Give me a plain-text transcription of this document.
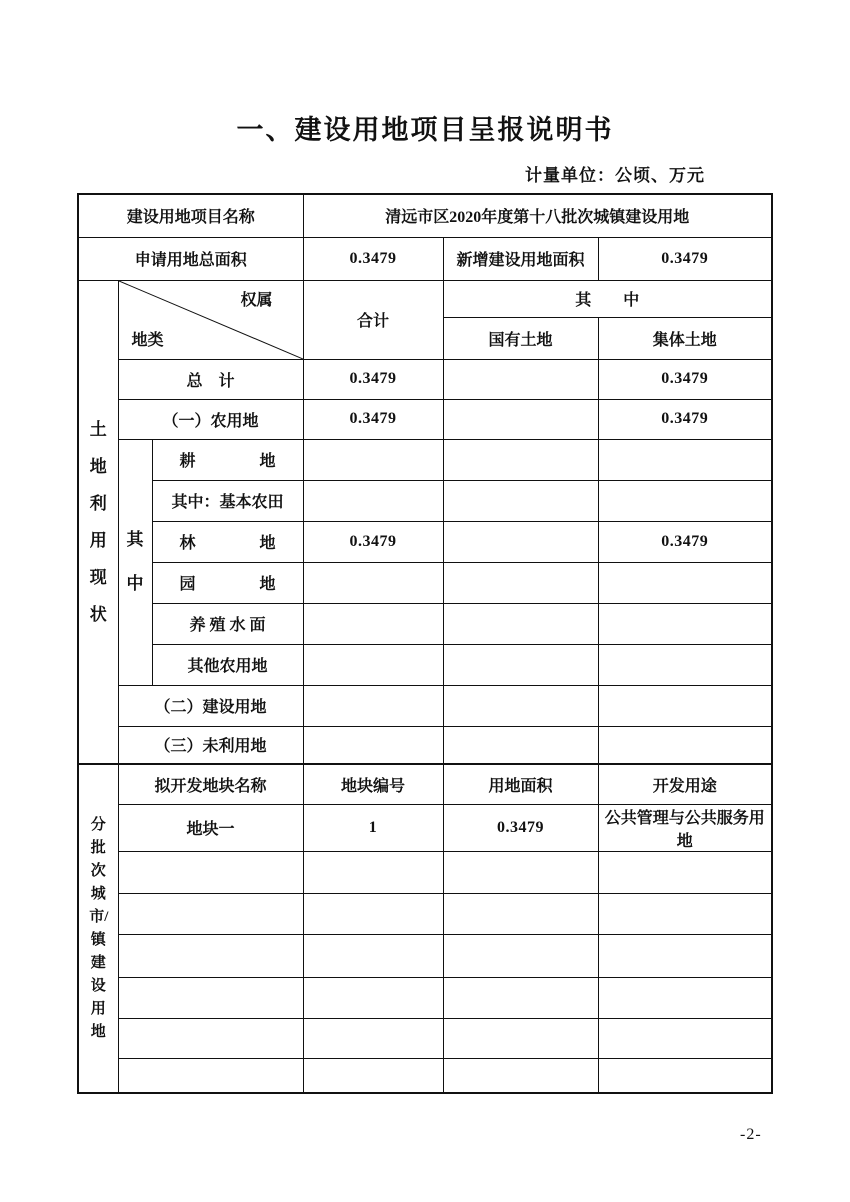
一、建设用地项目呈报说明书
计量单位：公顷、万元
建设用地项目名称			清远市区2020年度第十八批次城镇建设用地		
申请用地总面积			0.3479	新增建设用地面积	0.3479

土地利用现状	权属
地类		合计	其　　中	
				国有土地	集体土地
	总　计		0.3479		0.3479
	（一）农用地		0.3479		0.3479

	其中	耕　　　　地			
		其中：基本农田			
		林　　　　地	0.3479		0.3479
		园　　　　地			
		养 殖 水 面			
		其他农用地			
	（二）建设用地				
	（三）未利用地				

分批次城市/镇建设用地	拟开发地块名称		地块编号	用地面积	开发用途
	地块一		1	0.3479	公共管理与公共服务用地

-2-
